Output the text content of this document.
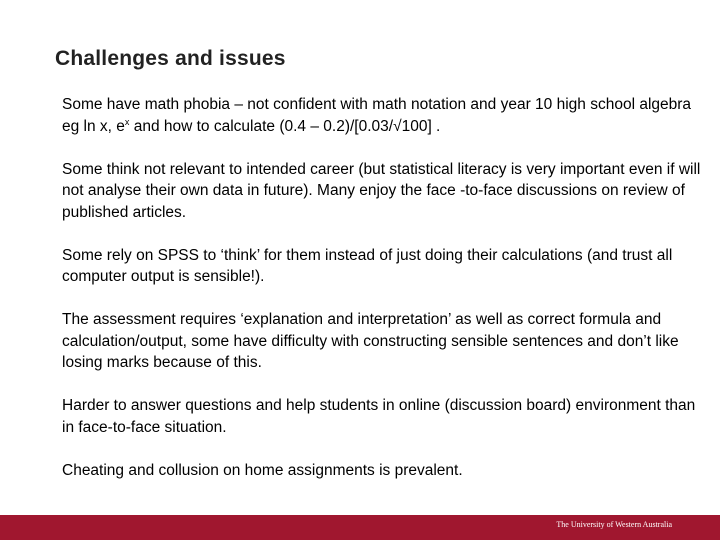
Challenges and issues

Some have math phobia – not confident with math notation and year 10 high school algebra eg ln x, $e^x$ and how to calculate (0.4 – 0.2)/[0.03/√100] .

Some think not relevant to intended career (but statistical literacy is very important even if will not analyse their own data in future). Many enjoy the face -to-face discussions on review of published articles.

Some rely on SPSS to ‘think’ for them instead of just doing their calculations (and trust all computer output is sensible!).

The assessment requires ‘explanation and interpretation’ as well as correct formula and calculation/output, some have difficulty with constructing sensible sentences and don’t like losing marks because of this.

Harder to answer questions and help students in online (discussion board) environment than in face-to-face situation.

Cheating and collusion on home assignments is prevalent.

The University of Western Australia
